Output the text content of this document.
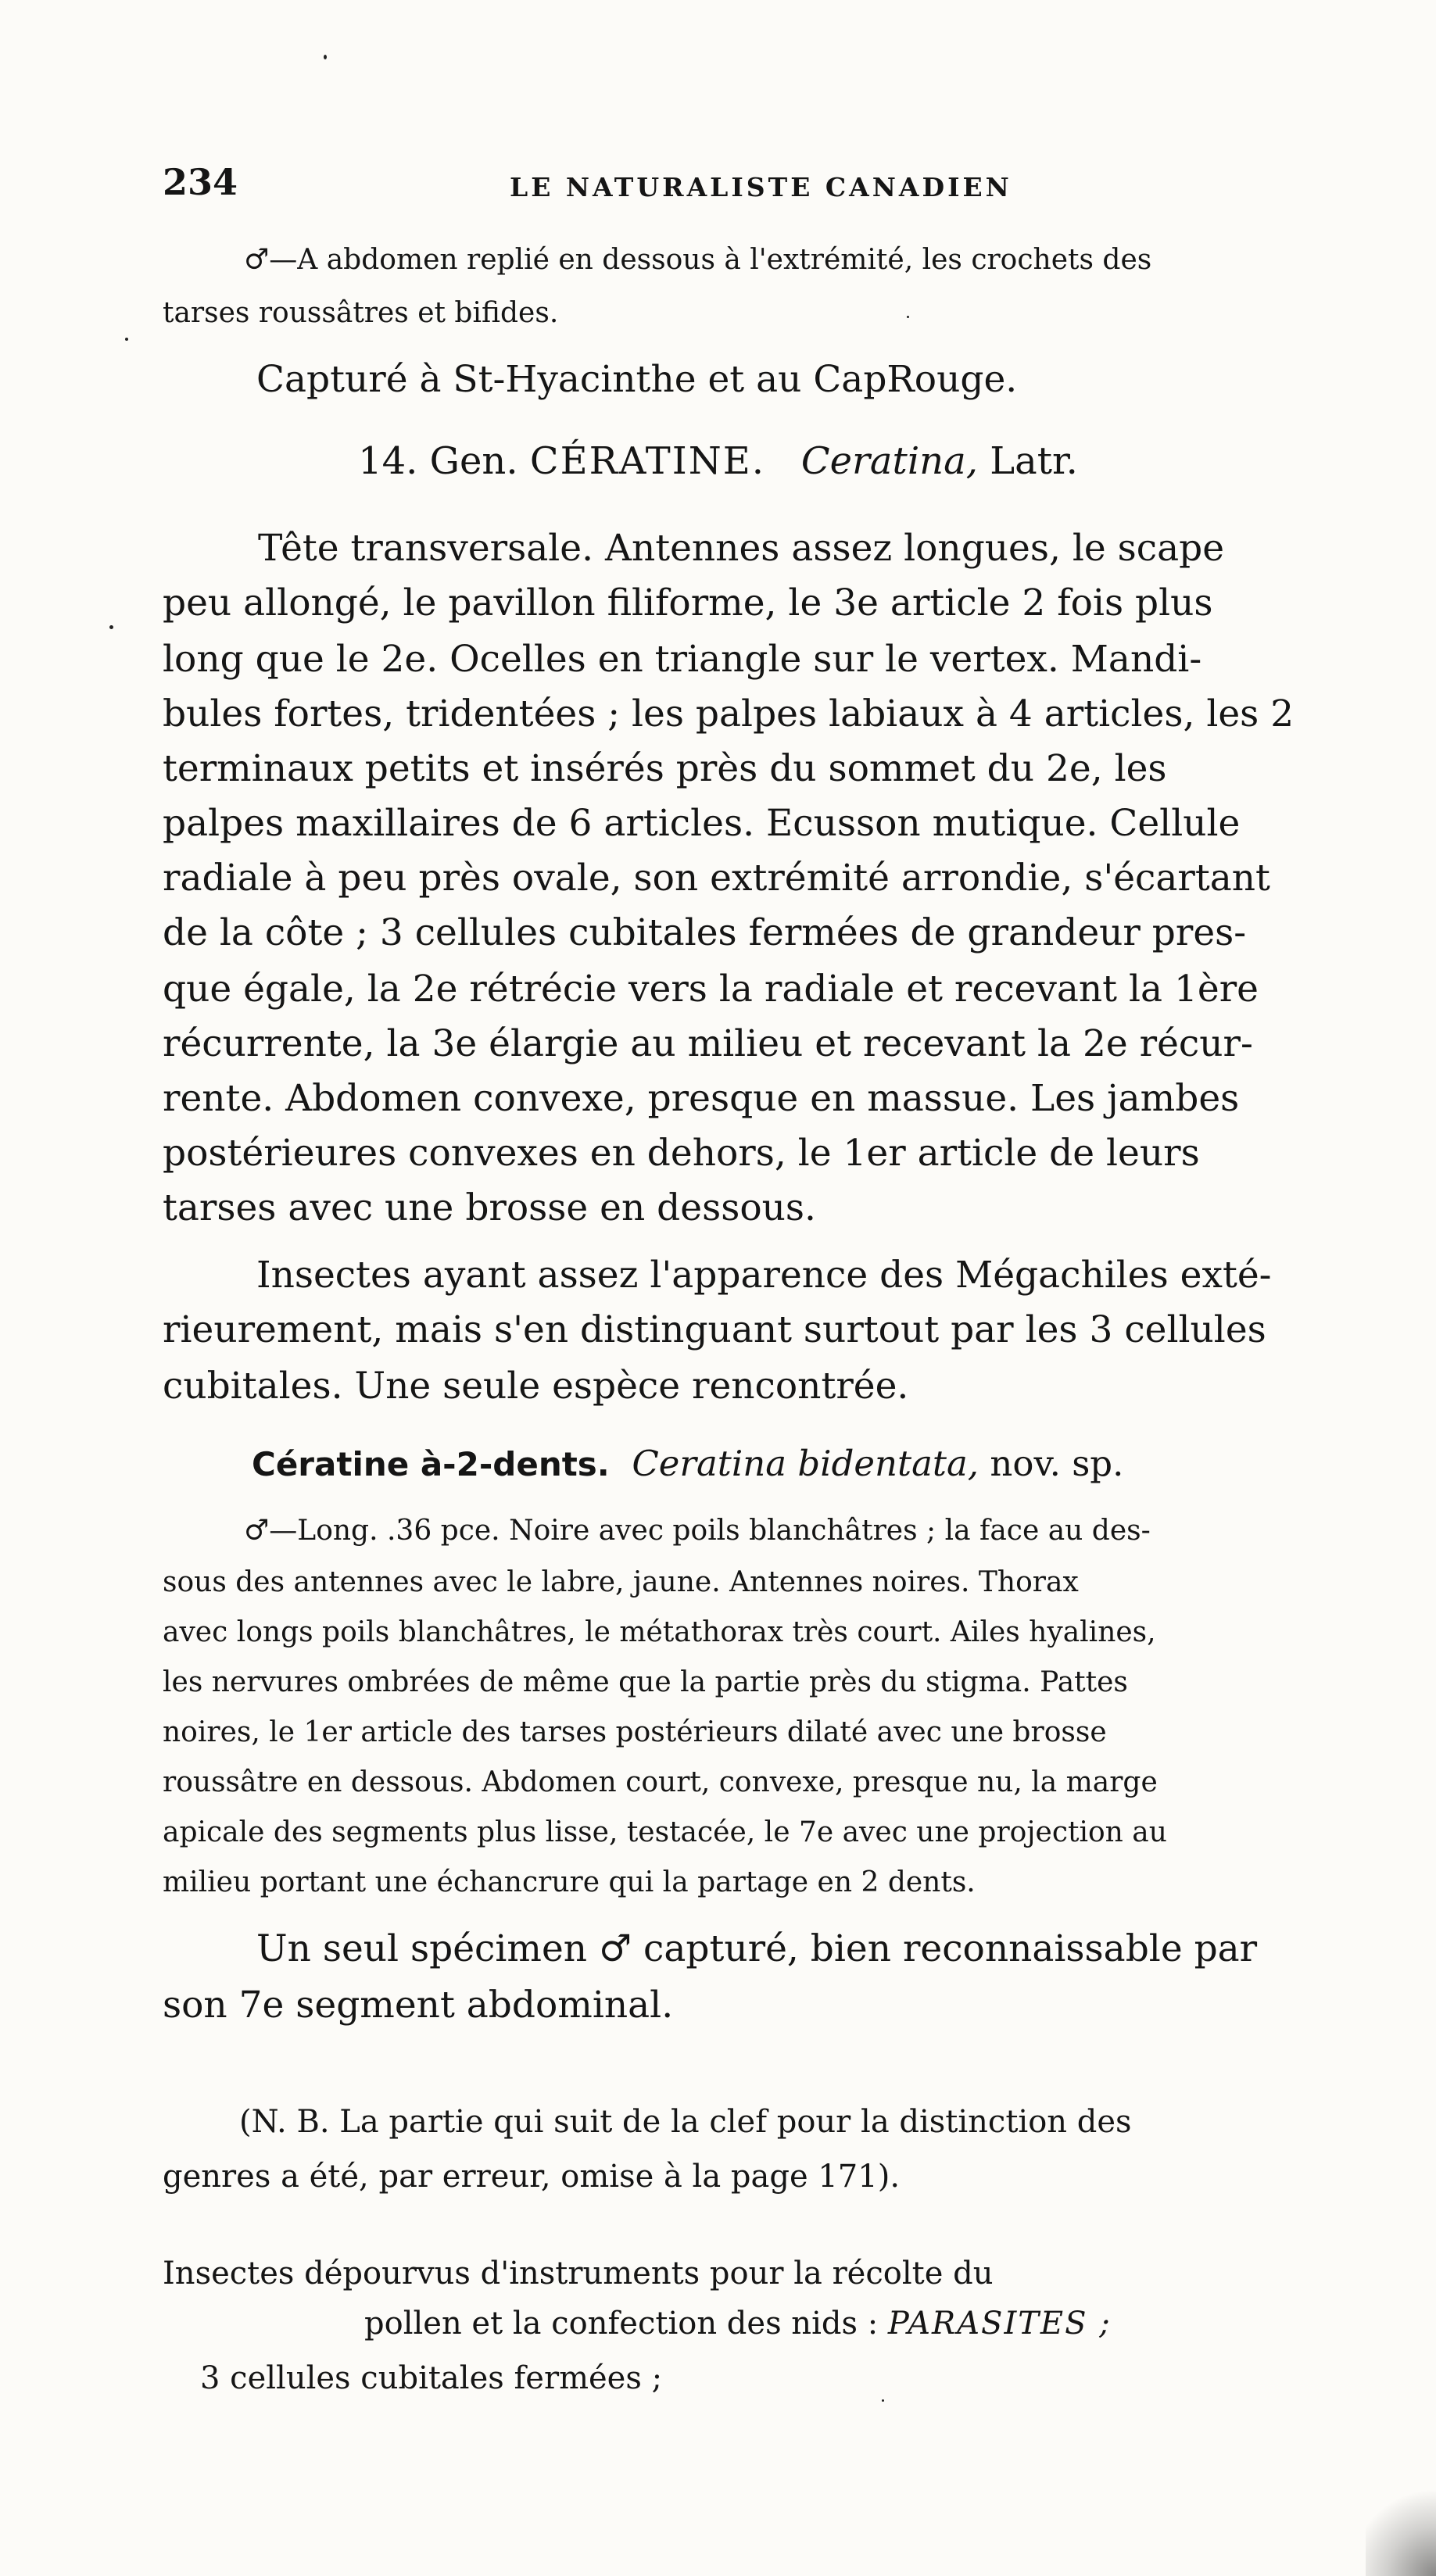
234	LE NATURALISTE CANADIEN
♂—A abdomen replié en dessous à l'extrémité, les crochets des
tarses roussâtres et bifides.
Capturé à St-Hyacinthe et au CapRouge.
14. Gen. CÉRATINE. Ceratina, Latr.
Tête transversale. Antennes assez longues, le scape
peu allongé, le pavillon filiforme, le 3e article 2 fois plus
long que le 2e. Ocelles en triangle sur le vertex. Mandi-
bules fortes, tridentées ; les palpes labiaux à 4 articles, les 2
terminaux petits et insérés près du sommet du 2e, les
palpes maxillaires de 6 articles. Ecusson mutique. Cellule
radiale à peu près ovale, son extrémité arrondie, s'écartant
de la côte ; 3 cellules cubitales fermées de grandeur pres-
que égale, la 2e rétrécie vers la radiale et recevant la 1ère
récurrente, la 3e élargie au milieu et recevant la 2e récur-
rente. Abdomen convexe, presque en massue. Les jambes
postérieures convexes en dehors, le 1er article de leurs
tarses avec une brosse en dessous.
Insectes ayant assez l'apparence des Mégachiles exté-
rieurement, mais s'en distinguant surtout par les 3 cellules
cubitales. Une seule espèce rencontrée.
Cératine à-2-dents. Ceratina bidentata, nov. sp.
♂—Long. .36 pce. Noire avec poils blanchâtres ; la face au des-
sous des antennes avec le labre, jaune. Antennes noires. Thorax
avec longs poils blanchâtres, le métathorax très court. Ailes hyalines,
les nervures ombrées de même que la partie près du stigma. Pattes
noires, le 1er article des tarses postérieurs dilaté avec une brosse
roussâtre en dessous. Abdomen court, convexe, presque nu, la marge
apicale des segments plus lisse, testacée, le 7e avec une projection au
milieu portant une échancrure qui la partage en 2 dents.
Un seul spécimen ♂ capturé, bien reconnaissable par
son 7e segment abdominal.
(N. B. La partie qui suit de la clef pour la distinction des
genres a été, par erreur, omise à la page 171).
Insectes dépourvus d'instruments pour la récolte du
pollen et la confection des nids : PARASITES ;
3 cellules cubitales fermées ;
